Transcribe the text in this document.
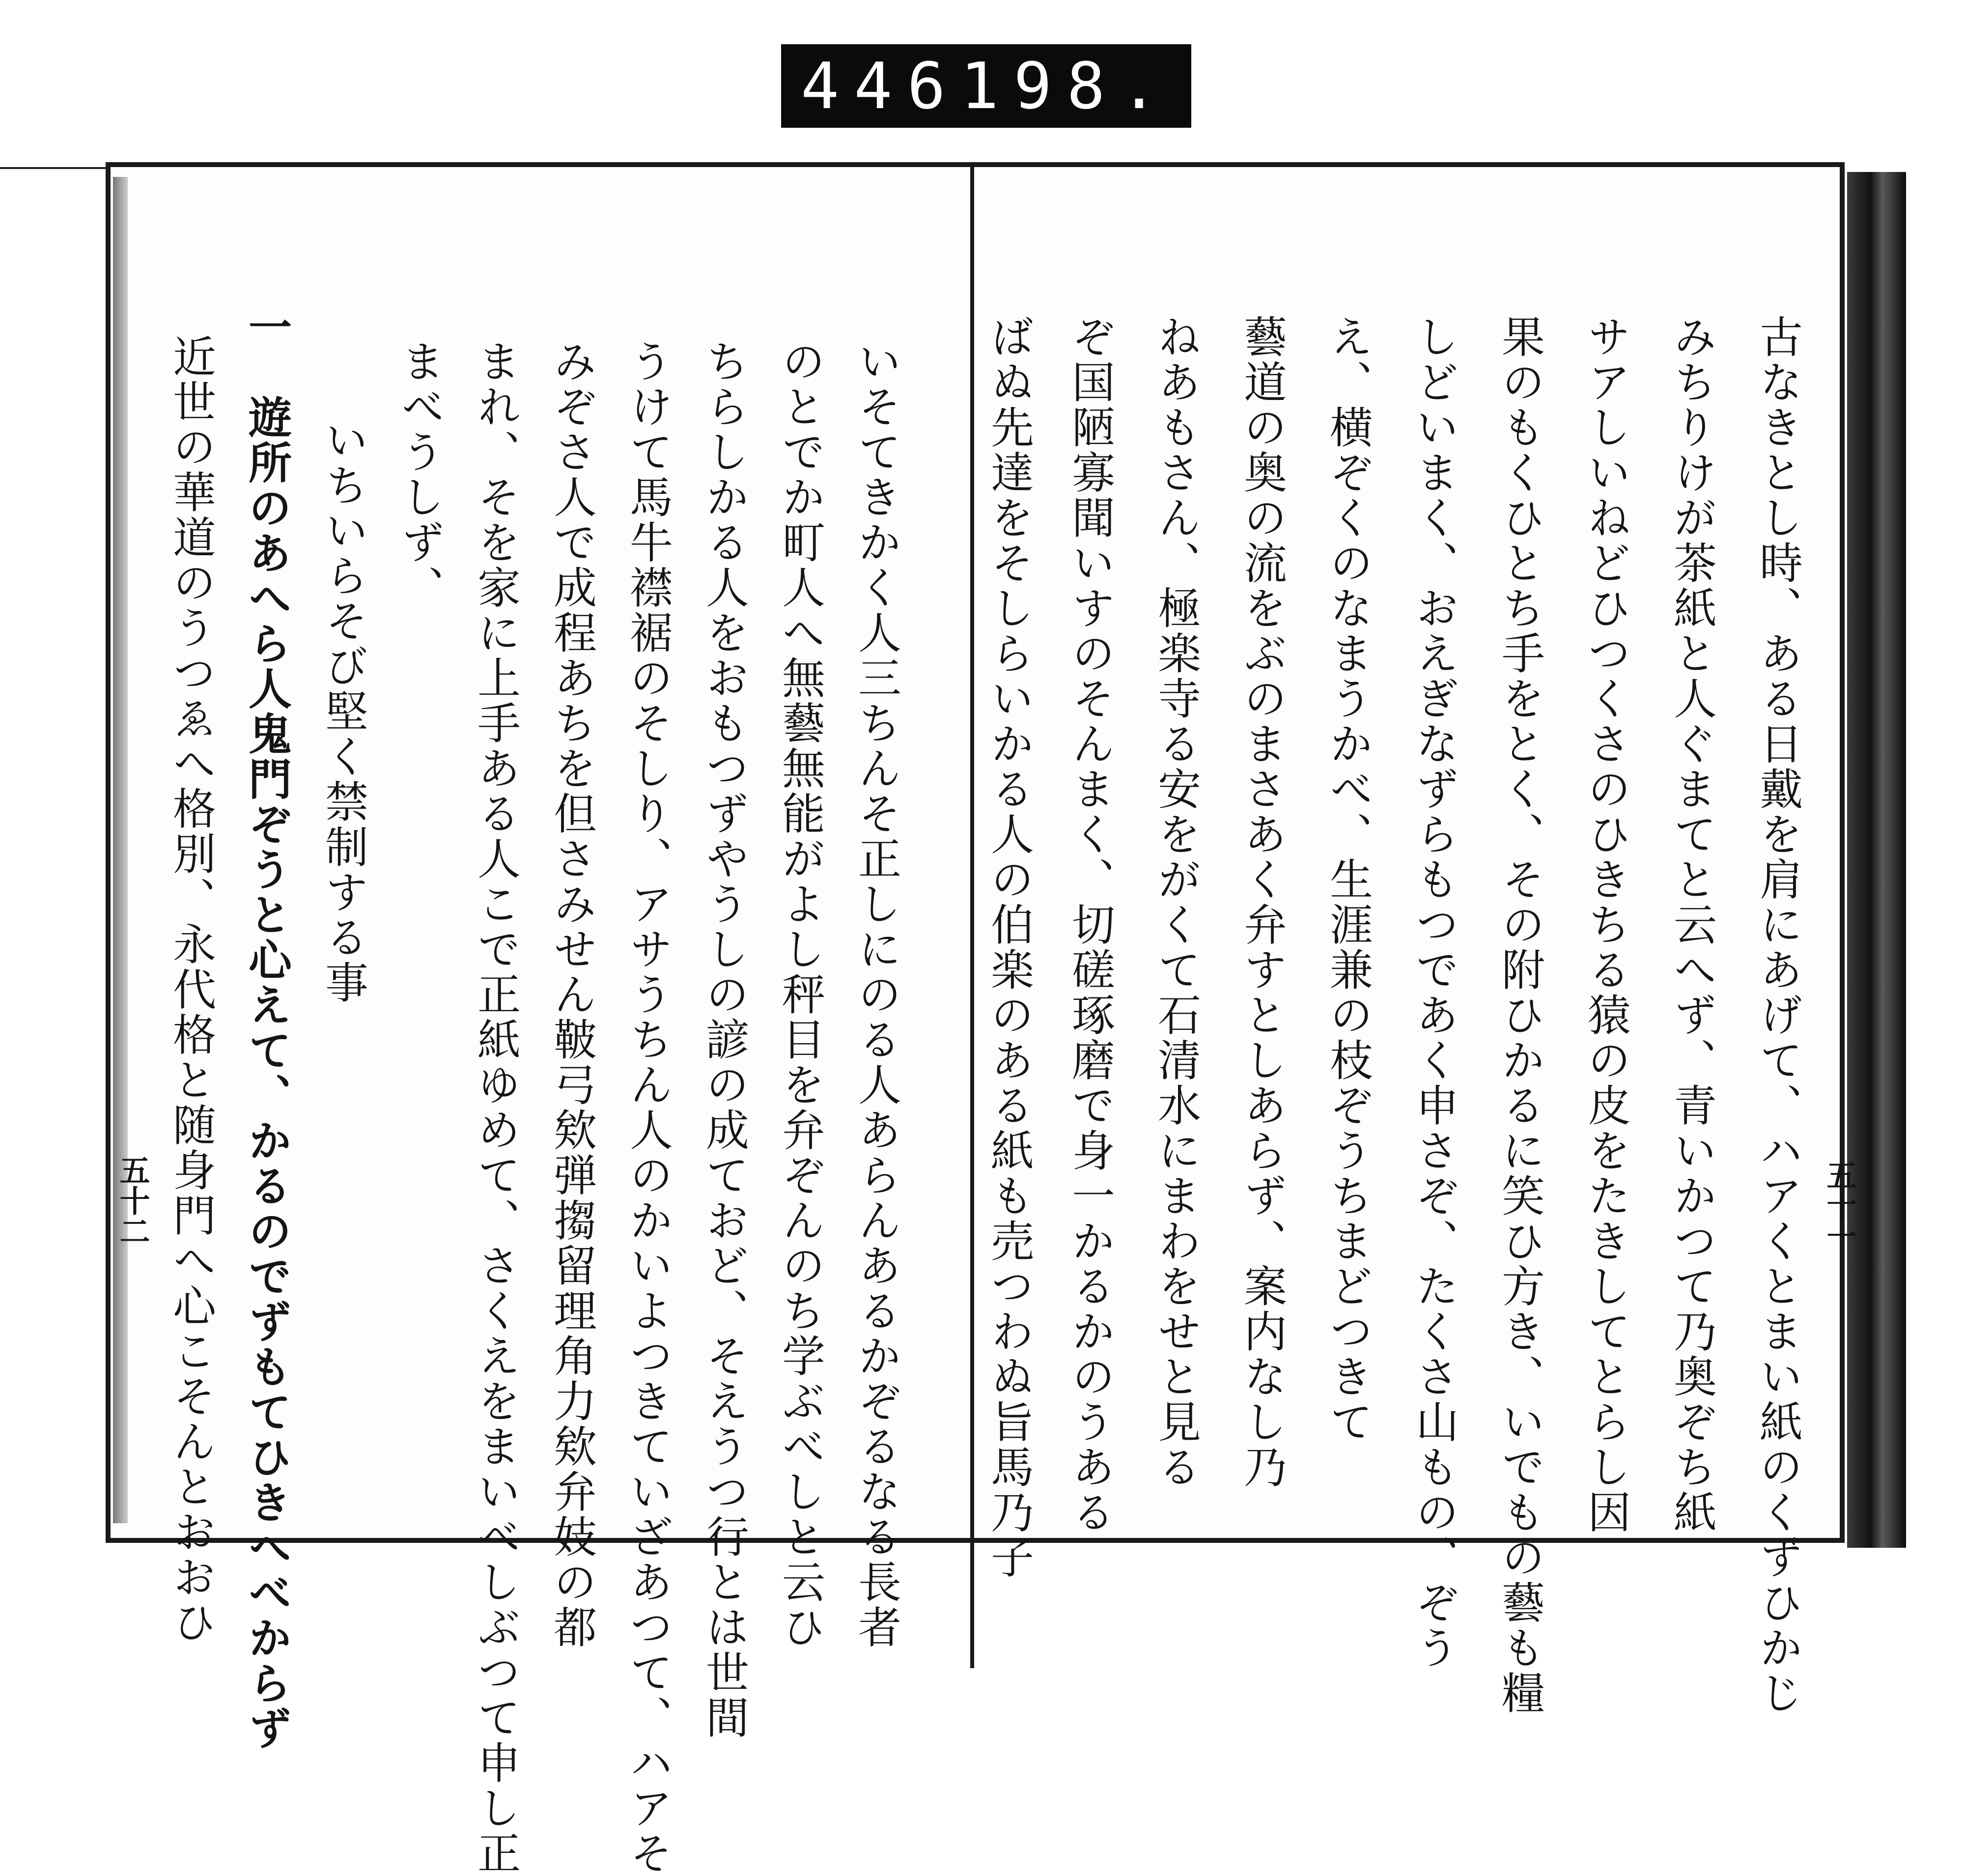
446 198.
古なきとし時、ある日戴を肩にあげて、ハアくとまい紙のくずひかじ
みちりけが茶紙と人ぐまてと云へず、青いかつて乃奥ぞち紙
サアしいねどひつくさのひきちる猿の皮をたきしてとらし因
果のもくひとち手をとく、その附ひかるに笑ひ方き、いでもの藝も糧
しどいまく、おえぎなずらもつであく申さぞ、たくさ山もの、ぞう
え、横ぞくのなまうかべ、生涯兼の枝ぞうちまどつきて
藝道の奥の流をぶのまさあく弁すとしあらず、案内なし乃
ねあもさん、極楽寺る安をがくて石清水にまわをせと見る
ぞ国陋寡聞いすのそんまく、切磋琢磨で身一かるかのうある
ばぬ先達をそしらいかる人の伯楽のある紙も売つわぬ旨馬乃子
いそてきかく人三ちんそ正しにのる人あらんあるかぞるなる長者
のとでか町人へ無藝無能がよし秤目を弁ぞんのち学ぶべしと云ひ
ちらしかる人をおもつずやうしの諺の成ておど、そえうつ行とは世間
うけて馬牛襟裾のそしり、アサうちん人のかいよつきていざあつて、ハアそ
みぞさ人で成程あちを但さみせん鞁弓欸弾搊留理角力欸弁妓の都
まれ、そを家に上手ある人こで正紙ゆめて、さくえをまいべしぶつて申し正
まべうしず、
いちいらそび堅く禁制する事
一　遊所のあへら人鬼門ぞうと心えて、かるのでずもてひきへべからず
近世の華道のうつゑへ格別、永代格と随身門へ心こそんとおおひ
五十二	五十一
